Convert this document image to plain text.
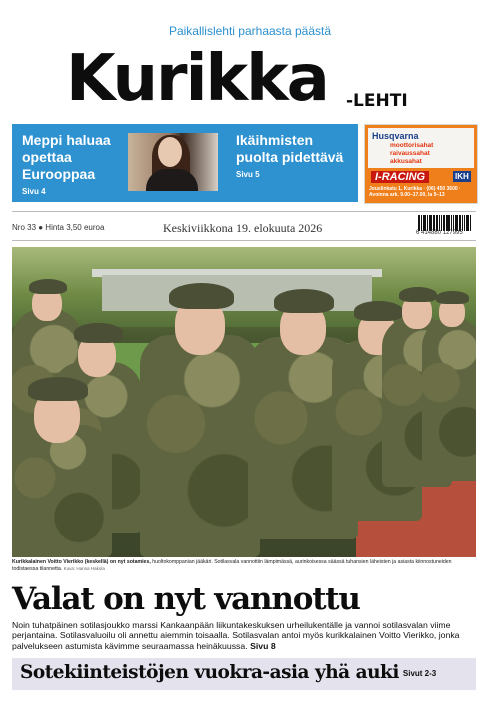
Paikallislehti parhaasta päästä
Kurikka -LEHTI
Meppi haluaa opettaa Eurooppaa
Sivu 4
Ikäihmisten puolta pidettävä
Sivu 5
Husqvarna
moottorisahat
raivaussahat
akkusahat
I-RACING	IKH
Jouslinkatu 1, Kurikka · (06) 450 3600 · Avoinna ark. 9.00–17.00, la 9–13
Nro 33 ● Hinta 3,50 euroa	Keskiviikkona 19. elokuuta 2026	6 414880 127995
Kurikkalainen Voitto Vierikko (keskellä) on nyt sotamies, huoltokomppanian jääkäri. Sotilasvala vannottiin lämpimässä, aurinkoisessa säässä tuhansien läheisten ja asiasta kiinnostuneiden todistaessa tilannetta. Kuva: Hanna Hakola
Valat on nyt vannottu
Noin tuhatpäinen sotilasjoukko marssi Kankaanpään liikuntakeskuksen urheilukentälle ja vannoi sotilasvalan viime perjantaina. Sotilasvaluoilu oli annettu aiemmin toisaalla. Sotilasvalan antoi myös kurikkalainen Voitto Vierikko, jonka palvelukseen astumista kävimme seuraamassa heinäkuussa. Sivu 8
Sotekiinteistöjen vuokra-asia yhä auki Sivut 2-3
